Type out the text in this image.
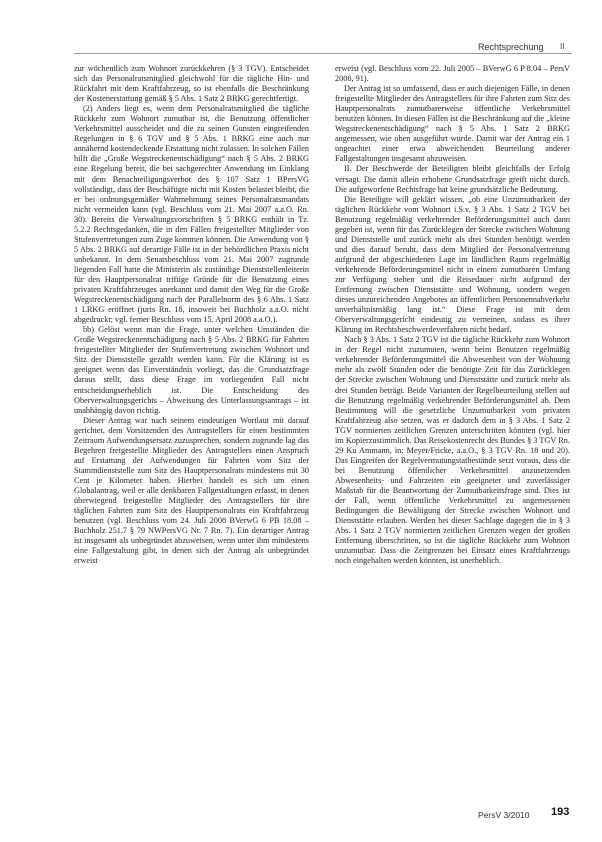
Rechtsprechung II

zur wöchentlich zum Wohnort zurückkehren (§ 3 TGV). Entscheidet sich das Personalratsmitglied gleichwohl für die tägliche Hin- und Rückfahrt mit dem Kraftfahrzeug, so ist ebenfalls die Beschränkung der Kostenerstattung gemäß § 5 Abs. 1 Satz 2 BRKG gerechtfertigt.

(2) Anders liegt es, wenn dem Personalratsmitglied die tägliche Rückkehr zum Wohnort zumutbar ist, die Benutzung öffentlicher Verkehrsmittel ausscheidet und die zu seinen Gunsten eingreifenden Regelungen in § 6 TGV und § 5 Abs. 1 BRKG eine auch nur annähernd kostendeckende Erstattung nicht zulassen. In solchen Fällen hilft die „Große Wegstreckenentschädigung“ nach § 5 Abs. 2 BRKG eine Regelung bereit, die bei sachgerechter Anwendung im Einklang mit dem Benachteiligungsverbot des § 107 Satz 1 BPersVG vollständigt, dass der Beschäftigte nicht mit Kosten belastet bleibt, die er bei ordnungsgemäßer Wahrnehmung seines Personalratsmandats nicht vermeiden kann (vgl. Beschluss vom 21. Mai 2007 a.a.O. Rn. 30). Bereits die Verwaltungsvorschriften § 5 BRKG enthält in Tz. 5.2.2 Rechtsgedanken, die in den Fällen freigestellter Mitglieder von Stufenvertretungen zum Zuge kommen können. Die Anwendung von § 5 Abs. 2 BRKG auf derartige Fälle ist in der behördlichen Praxis nicht unbekannt. In dem Senatsbeschluss vom 21. Mai 2007 zugrunde liegenden Fall hatte die Ministerin als zuständige Dienststellenleiterin für den Hauptpersonalrat triftige Gründe für die Benutzung eines privaten Kraftfahrzeuges anerkannt und damit den Weg für die Große Wegstreckenentschädigung nach der Parallelnorm des § 6 Abs. 1 Satz 1 LRKG eröffnet (juris Rn. 18, insoweit bei Buchholz a.a.O. nicht abgedruckt; vgl. ferner Beschluss vom 15. April 2008 a.a.O.).

bb) Gelöst wenn man die Frage, unter welchen Umständen die Große Wegstreckenentschädigung nach § 5 Abs. 2 BRKG für Fahrten freigestellter Mitglieder der Stufenvertretung zwischen Wohnort und Sitz der Dienststelle gezahlt werden kann. Für die Klärung ist es geeignet wenn das Einverständnis vorliegt, das die Grundsatzfrage daraus stellt, dass diese Frage im vorliegenden Fall nicht entscheidungserheblich ist. Die Entscheidung des Oberverwaltungsgerichts – Abweisung des Unterlassungsantrags – ist unabhängig davon richtig.

Dieser Antrag war nach seinem eindeutigen Wortlaut mit darauf gerichtet, dem Vorsitzenden des Antragstellers für einen bestimmten Zeitraum Aufwendungsersatz zuzusprechen, sondern zugrunde lag das Begehren freigestellte Mitglieder des Antragstellers einen Anspruch auf Erstattung der Aufwendungen für Fahrten vom Sitz der Stammdienststelle zum Sitz des Hauptpersonalrats mindestens mit 30 Cent je Kilometer haben. Hierbei handelt es sich um einen Globalantrag, weil er alle denkbaren Fallgestaltungen erfasst, in denen überwiegend freigestellte Mitglieder des Antragstellers für ihre täglichen Fahrten zum Sitz des Hauptpersonalrats ein Kraftfahrzeug benutzen (vgl. Beschluss vom 24. Juli 2008 BVerwG 6 PB 18.08 – Buchholz 251.7 § 79 NWPersVG Nr. 7 Rn. 7). Ein derartiger Antrag ist insgesamt als unbegründet abzuweisen, wenn unter ihm mindestens eine Fallgestaltung gibt, in denen sich der Antrag als unbegründet erweist

erweist (vgl. Beschluss vom 22. Juli 2005 – BVerwG 6 P 8.04 – PersV 2006, 91).

Der Antrag ist so umfassend, dass er auch diejenigen Fälle, in denen freigestellte Mitglieder des Antragstellers für ihre Fahrten zum Sitz des Hauptpersonalrats zumutbarerweise öffentliche Verkehrsmittel benutzen können. In diesen Fällen ist die Beschränkung auf die „kleine Wegstreckenentschädigung“ nach § 5 Abs. 1 Satz 2 BRKG angemessen, wie oben ausgeführt wurde. Damit war der Antrag ein 1 ungeachtet einer etwa abweichenden Beurteilung anderer Fallgestaltungen insgesamt abzuweisen.

II. Der Beschwerde der Beteiligten bleibt gleichfalls der Erfolg versagt. Die damit allein erhobene Grundsatzfrage greift nicht durch. Die aufgeworfene Rechtsfrage hat keine grundsätzliche Bedeutung.

Die Beteiligte will geklärt wissen, „ob eine Unzumutbarkeit der täglichen Rückkehr vom Wohnort i.S.v. § 3 Abs. 1 Satz 2 TGV bei Benutzung regelmäßig verkehrender Beförderungsmittel auch dann gegeben ist, wenn für das Zurücklegen der Strecke zwischen Wohnung und Dienststelle und zurück mehr als drei Stunden benötigt werden und dies darauf beruht, dass dem Mitglied der Personalvertretung aufgrund der abgeschiedenen Lage im ländlichen Raum regelmäßig verkehrende Beförderungsmittel nicht in einem zumutbaren Umfang zur Verfügung stehen und die Reisedauer nicht aufgrund der Entfernung zwischen Dienststätte und Wohnung, sondern wegen dieses unzureichenden Angebotes an öffentlichen Personennahverkehr unverhältnismäßig lang ist.“ Diese Frage ist mit dem Oberverwaltungsgericht eindeutig zu verneinen, sodass es ihrer Klärung im Rechtsbeschwerdeverfahren nicht bedarf.

Nach § 3 Abs. 1 Satz 2 TGV ist die tägliche Rückkehr zum Wohnort in der Regel nicht zuzumuten, wenn beim Benutzen regelmäßig verkehrender Beförderungsmittel die Abwesenheit von der Wohnung mehr als zwölf Stunden oder die benötigte Zeit für das Zurücklegen der Strecke zwischen Wohnung und Dienststätte und zurück mehr als drei Stunden beträgt. Beide Varianten der Regelbeurteilung stellen auf die Benutzung regelmäßig verkehrender Beförderungsmittel ab. Dem Bestimmung will die gesetzliche Unzumutbarkeit vom privaten Kraftfahrzeug also setzen, was er dadurch dem in § 3 Abs. 1 Satz 2 TGV normierten zeitlichen Grenzen unterschritten könnten (vgl. hier im Kopierzustimmlich. Das Reisekostenrecht des Bundes § 3 TGV Rn. 29 Ku Ammann, in: Meyer/Fricke, a.a.O., § 3 TGV Rn. 18 und 20). Das Eingreifen der Regelvermutungstatbestände setzt voraus, dass die bei Benutzung öffentlicher Verkehrsmittel anzusetzenden Abwesenheits- und Fahrzeiten ein geeigneter und zuverlässiger Maßstab für die Beantwortung der Zumutbarkeitsfrage sind. Dies ist der Fall, wenn öffentliche Verkehrsmittel zu angemessenen Bedingungen die Bewältigung der Strecke zwischen Wohnort und Dienststätte erlauben. Werden bei dieser Sachlage dagegen die in § 3 Abs. 1 Satz 2 TGV normierten zeitlichen Grenzen wegen der großen Entfernung überschritten, so ist die tägliche Rückkehr zum Wohnort unzumutbar. Dass die Zeitgrenzen bei Einsatz eines Kraftfahrzeugs noch eingehalten werden könnten, ist unerheblich.

PersV 3/2010 193
